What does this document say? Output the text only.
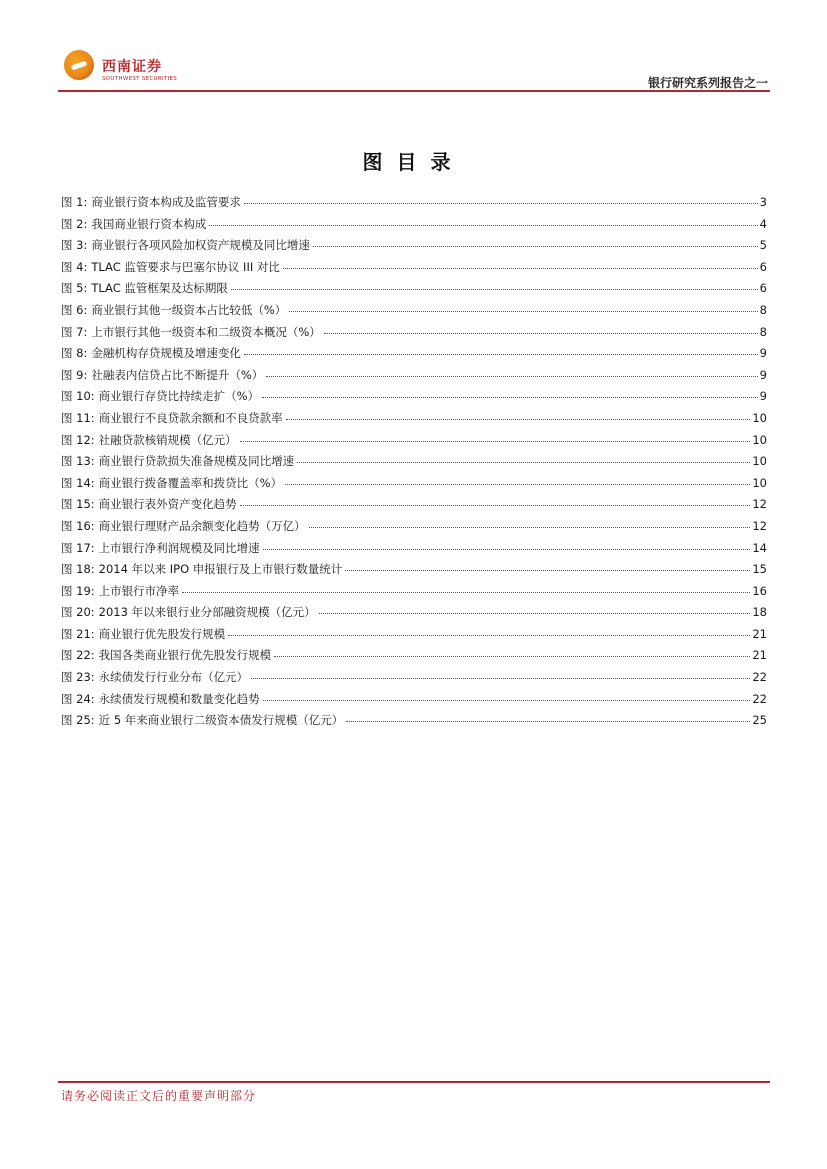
西南证券
SOUTHWEST SECURITIES	银行研究系列报告之一
图目录
图 1: 商业银行资本构成及监管要求	3
图 2: 我国商业银行资本构成	4
图 3: 商业银行各项风险加权资产规模及同比增速	5
图 4: TLAC 监管要求与巴塞尔协议 III 对比	6
图 5: TLAC 监管框架及达标期限	6
图 6: 商业银行其他一级资本占比较低（%）	8
图 7: 上市银行其他一级资本和二级资本概况（%）	8
图 8: 金融机构存贷规模及增速变化	9
图 9: 社融表内信贷占比不断提升（%）	9
图 10: 商业银行存贷比持续走扩（%）	9
图 11: 商业银行不良贷款余额和不良贷款率	10
图 12: 社融贷款核销规模（亿元）	10
图 13: 商业银行贷款损失准备规模及同比增速	10
图 14: 商业银行拨备覆盖率和拨贷比（%）	10
图 15: 商业银行表外资产变化趋势	12
图 16: 商业银行理财产品余额变化趋势（万亿）	12
图 17: 上市银行净利润规模及同比增速	14
图 18: 2014 年以来 IPO 申报银行及上市银行数量统计	15
图 19: 上市银行市净率	16
图 20: 2013 年以来银行业分部融资规模（亿元）	18
图 21: 商业银行优先股发行规模	21
图 22: 我国各类商业银行优先股发行规模	21
图 23: 永续债发行行业分布（亿元）	22
图 24: 永续债发行规模和数量变化趋势	22
图 25: 近 5 年来商业银行二级资本债发行规模（亿元）	25
请务必阅读正文后的重要声明部分
